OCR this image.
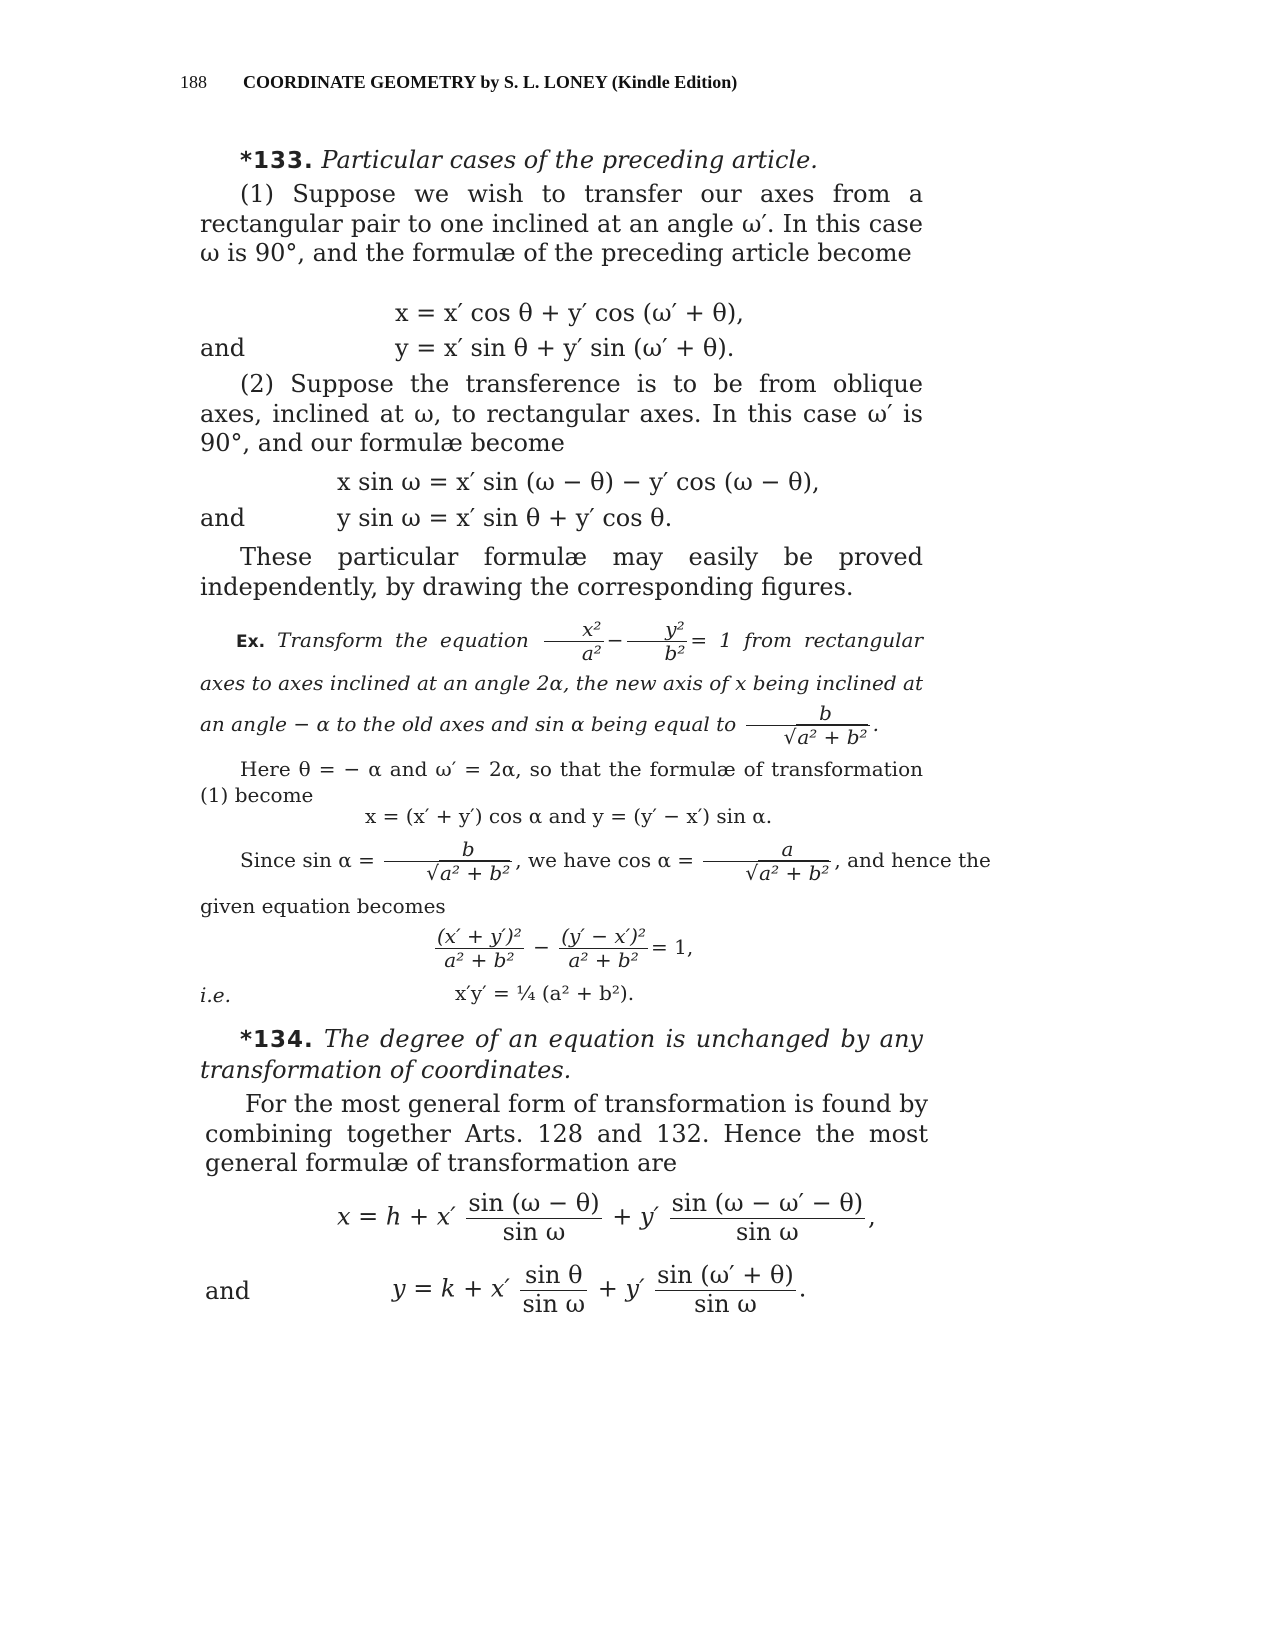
188 COORDINATE GEOMETRY by S. L. LONEY (Kindle Edition)
*133. Particular cases of the preceding article.
(1) Suppose we wish to transfer our axes from a rectangular pair to one inclined at an angle ω′. In this case ω is 90°, and the formulæ of the preceding article become
x = x′ cos θ + y′ cos (ω′ + θ),
and	y = x′ sin θ + y′ sin (ω′ + θ).
(2) Suppose the transference is to be from oblique axes, inclined at ω, to rectangular axes. In this case ω′ is 90°, and our formulæ become
x sin ω = x′ sin (ω − θ) − y′ cos (ω − θ),
and	y sin ω = x′ sin θ + y′ cos θ.
These particular formulæ may easily be proved independently, by drawing the corresponding figures.
Ex. Transform the equation $\frac{\text{x²}}{\text{a²}} - \frac{\text{y²}}{\text{b²}} = 1$ from rectangular axes to axes inclined at an angle 2α, the new axis of x being inclined at an angle − α to the old axes and sin α being equal to $\frac{b}{\text{√a² + b²}}$ .
Here θ = − α and ω′ = 2α, so that the formulæ of transformation (1) become
x = (x′ + y′) cos α and y = (y′ − x′) sin α.
Since $\sin \alpha = \frac{b}{\text{√a² + b²}}$ , we have $\cos \alpha = \frac{a}{\text{√a² + b²}}$ , and hence the
given equation becomes
$\frac{\text{(x′ + y′)²}}{\text{a² + b²}} - \frac{\text{(y′ − x′)²}}{\text{a² + b²}} = 1$,
i.e.	x′y′ = ¼ (a² + b²).
*134. The degree of an equation is unchanged by any transformation of coordinates.
For the most general form of transformation is found by combining together Arts. 128 and 132. Hence the most general formulæ of transformation are
$x = h + x' \frac{\sin (\omega - \theta)}{\text{sin ω}} + y' \frac{\sin (\omega - \omega' - \theta)}{\text{sin ω}}$ ,
and	$y = k + x' \frac{\text{sin θ}}{\text{sin ω}} + y' \frac{\sin (\omega' + \theta)}{\text{sin ω}}$ .
